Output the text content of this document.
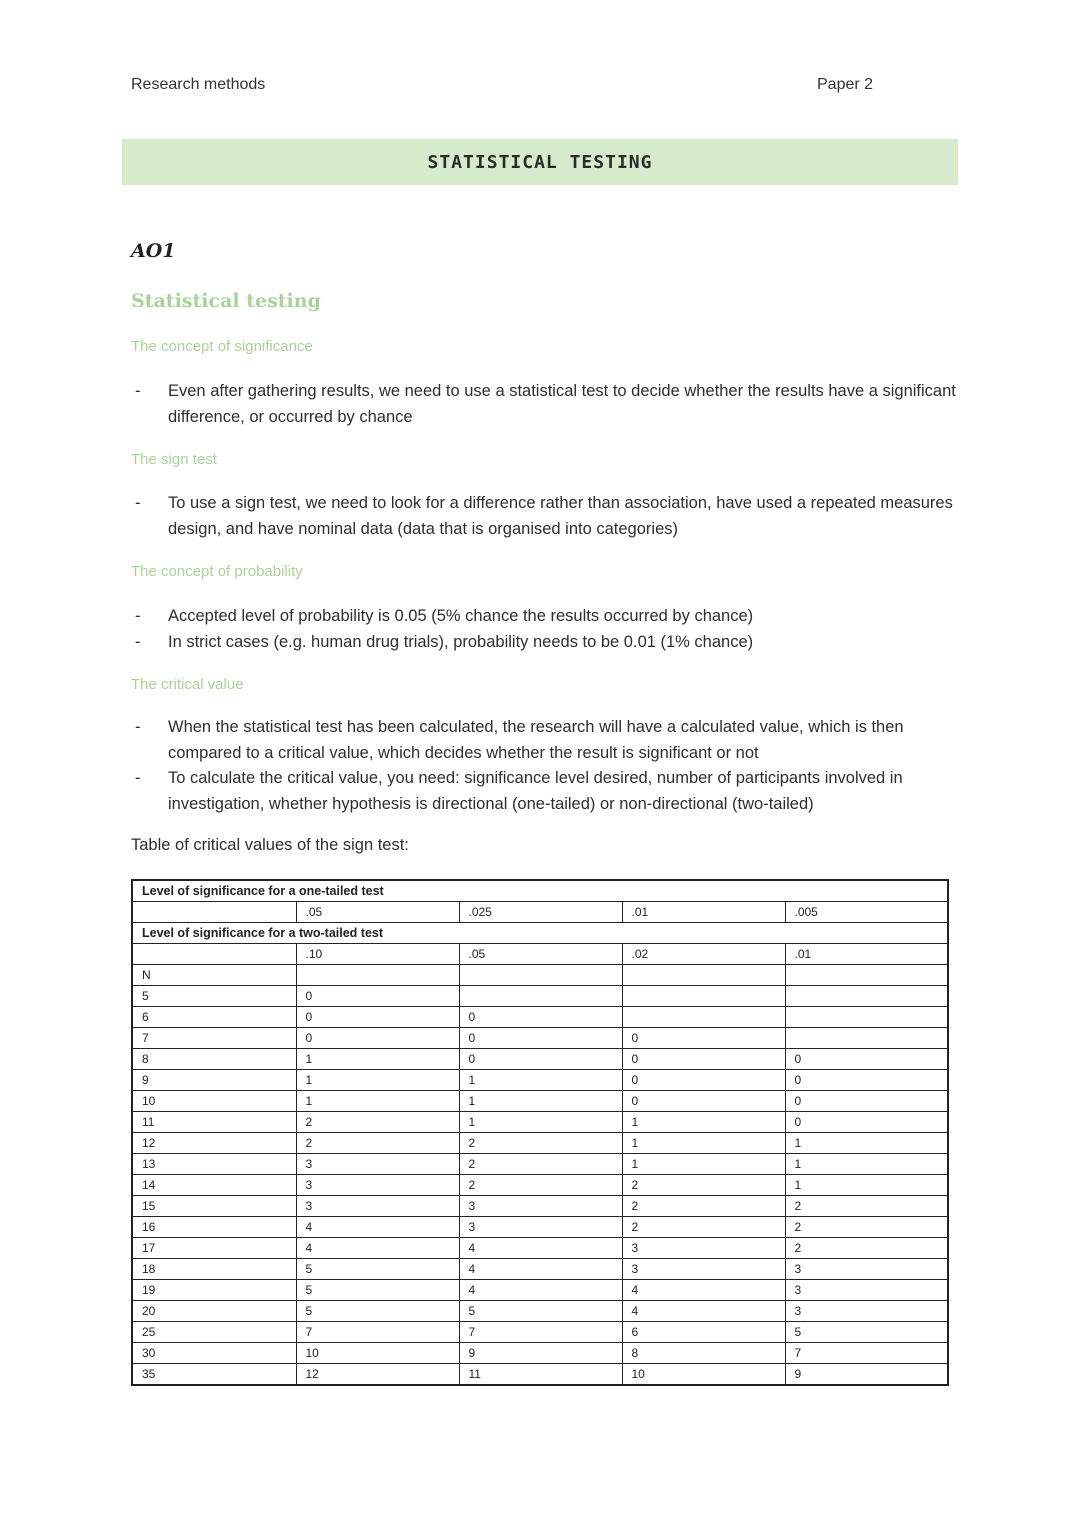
Research methods	Paper 2
STATISTICAL TESTING
AO1
Statistical testing
The concept of significance
- Even after gathering results, we need to use a statistical test to decide whether the results have a significant difference, or occurred by chance
The sign test
- To use a sign test, we need to look for a difference rather than association, have used a repeated measures design, and have nominal data (data that is organised into categories)
The concept of probability
- Accepted level of probability is 0.05 (5% chance the results occurred by chance)
- In strict cases (e.g. human drug trials), probability needs to be 0.01 (1% chance)
The critical value
- When the statistical test has been calculated, the research will have a calculated value, which is then compared to a critical value, which decides whether the result is significant or not
- To calculate the critical value, you need: significance level desired, number of participants involved in investigation, whether hypothesis is directional (one-tailed) or non-directional (two-tailed)
Table of critical values of the sign test:
Level of significance for a one-tailed test				
	.05	.025	.01	.005
Level of significance for a two-tailed test				
	.10	.05	.02	.01
N				
5	0			
6	0	0		
7	0	0	0	
8	1	0	0	0
9	1	1	0	0
10	1	1	0	0
11	2	1	1	0
12	2	2	1	1
13	3	2	1	1
14	3	2	2	1
15	3	3	2	2
16	4	3	2	2
17	4	4	3	2
18	5	4	3	3
19	5	4	4	3
20	5	5	4	3
25	7	7	6	5
30	10	9	8	7
35	12	11	10	9
